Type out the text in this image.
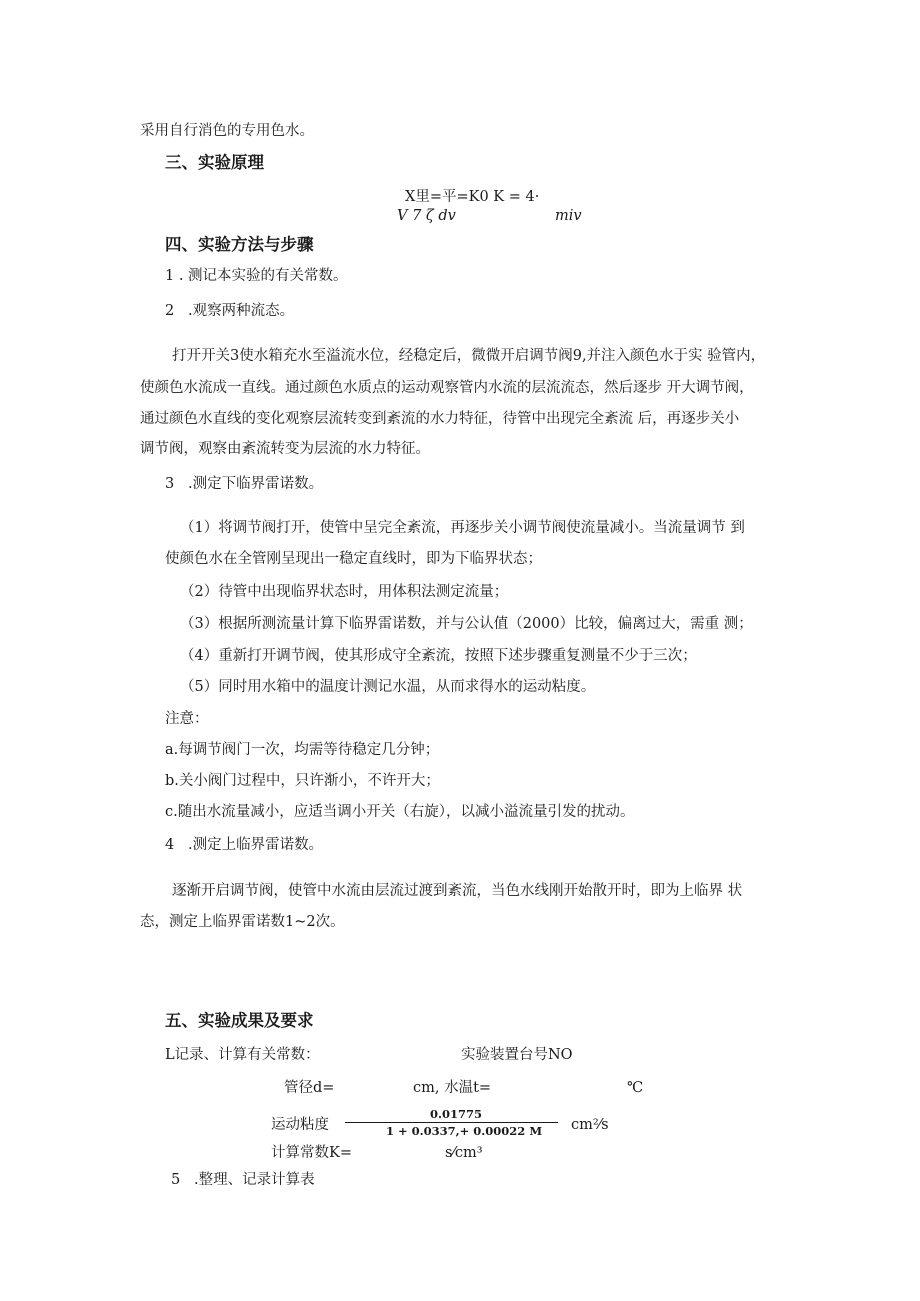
采用自行消色的专用色水。
三、实验原理
X里=平=K0 K = 4·
V 7 ζ dv	miv
四、实验方法与步骤
1 . 测记本实验的有关常数。
2   .观察两种流态。
打开开关3使水箱充水至溢流水位，经稳定后，微微开启调节阀9,并注入颜色水于实 验管内，
使颜色水流成一直线。通过颜色水质点的运动观察管内水流的层流流态，然后逐步 开大调节阀，
通过颜色水直线的变化观察层流转变到紊流的水力特征，待管中出现完全紊流 后，再逐步关小
调节阀，观察由紊流转变为层流的水力特征。
3   .测定下临界雷诺数。
（1）将调节阀打开，使管中呈完全紊流，再逐步关小调节阀使流量减小。当流量调节 到
使颜色水在全管刚呈现出一稳定直线时，即为下临界状态；
（2）待管中出现临界状态时，用体积法测定流量；
（3）根据所测流量计算下临界雷诺数，并与公认值（2000）比较，偏离过大，需重 测；
（4）重新打开调节阀，使其形成守全紊流，按照下述步骤重复测量不少于三次；
（5）同时用水箱中的温度计测记水温，从而求得水的运动粘度。
注意：
a.每调节阀门一次，均需等待稳定几分钟；
b.关小阀门过程中，只许渐小，不许开大；
c.随出水流量减小，应适当调小开关（右旋），以减小溢流量引发的扰动。
4   .测定上临界雷诺数。
逐渐开启调节阀，使管中水流由层流过渡到紊流，当色水线刚开始散开时，即为上临界 状
态，测定上临界雷诺数1~2次。
五、实验成果及要求
L记录、计算有关常数：	实验装置台号NO
管径d=	cm, 水温t=	℃
运动粘度
0.01775
1 + 0.0337,+ 0.00022 M cm²⁄s
计算常数K=	s⁄cm³
5   .整理、记录计算表
